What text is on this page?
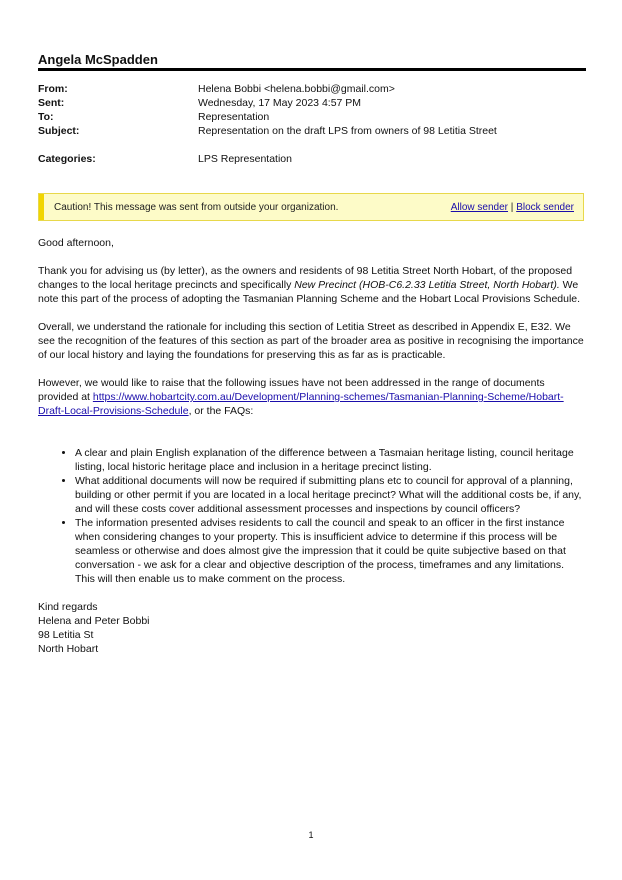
Angela McSpadden
From:	Helena Bobbi <helena.bobbi@gmail.com>
Sent:	Wednesday, 17 May 2023 4:57 PM
To:	Representation
Subject:	Representation on the draft LPS from owners of 98 Letitia Street
Categories:	LPS Representation
Caution! This message was sent from outside your organization.	Allow sender | Block sender

Good afternoon,

Thank you for advising us (by letter), as the owners and residents of 98 Letitia Street North Hobart, of the proposed changes to the local heritage precincts and specifically New Precinct (HOB-C6.2.33 Letitia Street, North Hobart). We note this part of the process of adopting the Tasmanian Planning Scheme and the Hobart Local Provisions Schedule.

Overall, we understand the rationale for including this section of Letitia Street as described in Appendix E, E32. We see the recognition of the features of this section as part of the broader area as positive in recognising the importance of our local history and laying the foundations for preserving this as far as is practicable.

However, we would like to raise that the following issues have not been addressed in the range of documents provided at https://www.hobartcity.com.au/Development/Planning-schemes/Tasmanian-Planning-Scheme/Hobart-Draft-Local-Provisions-Schedule, or the FAQs:

• A clear and plain English explanation of the difference between a Tasmaian heritage listing, council heritage listing, local historic heritage place and inclusion in a heritage precinct listing.
• What additional documents will now be required if submitting plans etc to council for approval of a planning, building or other permit if you are located in a local heritage precinct? What will the additional costs be, if any, and will these costs cover additional assessment processes and inspections by council officers?
• The information presented advises residents to call the council and speak to an officer in the first instance when considering changes to your property. This is insufficient advice to determine if this process will be seamless or otherwise and does almost give the impression that it could be quite subjective based on that conversation - we ask for a clear and objective description of the process, timeframes and any limitations. This will then enable us to make comment on the process.
Kind regards
Helena and Peter Bobbi
98 Letitia St
North Hobart
1
